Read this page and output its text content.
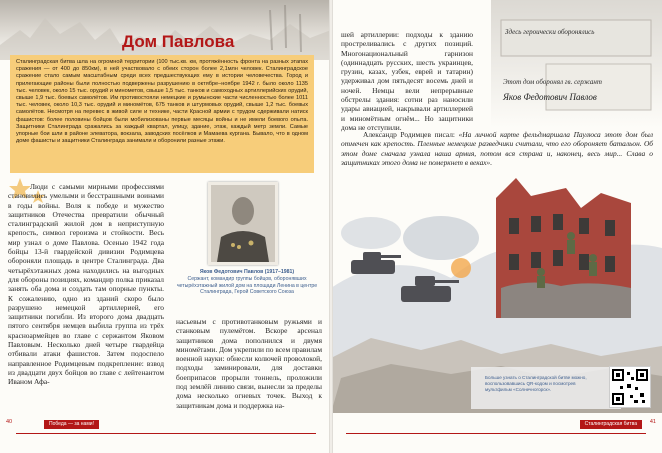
Дом Павлова

Сталинградская битва шла на огромной территории (100 тыс.кв. км, протяжённость фронта на разных этапах сражения — от 400 до 850км), в ней участвовало с обеих сторон более 2,1млн человек. Сталинградское сражение стало самым масштабным среди всех предшествующих ему в истории человечества. Город и прилегающие районы были полностью подвержены разрушению в октябре–ноябре 1942 г. было около 1135 тыс. человек, около 15 тыс. орудий и минометов, свыше 1,5 тыс. танков и самоходных артиллерийских орудий, свыше 1,9 тыс. боевых самолётов. Им противостояли немецкие и румынские части численностью более 1011 тыс. человек, около 10,3 тыс. орудий и миномётов, 675 танков и штурмовых орудий, свыше 1,2 тыс. боевых самолётов. Несмотря на перевес в живой силе и технике, части Красной армии с трудом сдерживали натиск фашистов: более половины бойцов были мобилизованы первые месяцы войны и не имели боевого опыта. Защитники Сталинграда сражались за каждый квартал, улицу, здание, этаж, каждый метр земли. Самые упорные бои шли в районе элеватора, вокзала, заводских посёлков и Мамаева кургана. Бывало, что в одном доме фашисты и защитники Сталинграда занимали и оборонили разные этажи.

Люди с самыми мирными профессиями становились умелыми и бесстрашными воинами в годы войны. Воля к победе и мужество защитников Отечества превратили обычный сталинградский жилой дом в неприступную крепость, символ героизма и стойкости. Весь мир узнал о доме Павлова. Осенью 1942 года бойцы 13-й гвардейской дивизии Родимцева обороняли площадь в центре Сталинграда. Два четырёхэтажных дома находились на выгодных для обороны позициях, командир полка приказал занять оба дома и создать там опорные пункты. К сожалению, одно из зданий скоро было разрушено немецкой артиллерией, его защитники погибли. Из второго дома двадцать пятого сентября немцев выбила группа из трёх красноармейцев во главе с сержантом Яковом Павловым. Несколько дней четыре гвардейца отбивали атаки фашистов. Затем подоспело направленное Родимцевым подкрепление: взвод из двадцати двух бойцов во главе с лейтенантом Иваном Афа-

Яков Федотович Павлов (1917–1981)
Сержант, командир группы бойцов, оборонявших четырёхэтажный жилой дом на площади Ленина в центре Сталинграда, Герой Советского Союза

насьевым с противотанковым ружьями и станковым пулемётом. Вскоре арсенал защитников дома пополнился и двумя миномётами. Дом укрепили по всем правилам военной науки: обнесли колючей проволокой, подходы заминировали, для доставки боеприпасов прорыли тоннель, проложили под землёй линию связи, вынесли за пределы дома несколько огневых точек. Выход к защитникам дома и поддержка на-

40	Победа — за нами!

шей артиллерии: подходы к зданию простреливались с других позиций. Многонациональный гарнизон (одиннадцать русских, шесть украинцев, грузин, казах, узбек, еврей и татарин) удерживал дом пятьдесят восемь дней и ночей. Немцы вели непрерывные обстрелы здания: сотни раз наносили удары авиацией, накрывали артиллерией и миномётным огнём... Но защитники дома не отступили.

Здесь героически оборонялись
Этот дом оборонял гв. сержант
Яков Федотович Павлов

Александр Родимцев писал: «На личной карте фельдмаршала Паулюса этот дом был отмечен как крепость. Пленные немецкие разведчики считали, что его обороняет батальон. Об этом доме сначала узнала наша армия, потом вся страна и, наконец, весь мир... Слава о защитниках этого дома не померкнет в веках».

Больше узнать о Сталинградской битве можно, воспользовавшись QR-кодом и посмотрев мультфильм «Солнечногорск».
Сталинградская битва	41
